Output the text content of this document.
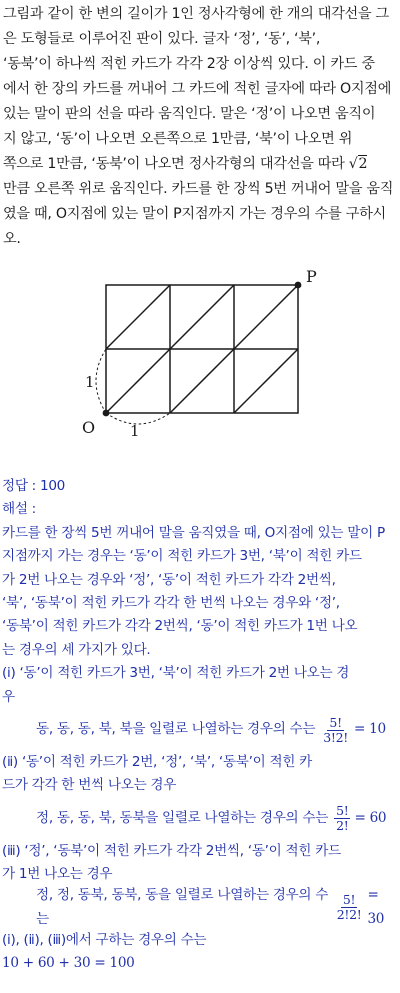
그림과 같이 한 변의 길이가 1인 정사각형에 한 개의 대각선을 그

은 도형들로 이루어진 판이 있다. 글자 ‘정’, ‘동’, ‘북’,

‘동북’이 하나씩 적힌 카드가 각각 2장 이상씩 있다. 이 카드 중

에서 한 장의 카드를 꺼내어 그 카드에 적힌 글자에 따라 O지점에

있는 말이 판의 선을 따라 움직인다. 말은 ‘정’이 나오면 움직이

지 않고, ‘동’이 나오면 오른쪽으로 1만큼, ‘북’이 나오면 위

쪽으로 1만큼, ‘동북’이 나오면 정사각형의 대각선을 따라 √2

만큼 오른쪽 위로 움직인다. 카드를 한 장씩 5번 꺼내어 말을 움직

였을 때, O지점에 있는 말이 P지점까지 가는 경우의 수를 구하시

오.

P
O
1
1

정답 : 100

해설 :

카드를 한 장씩 5번 꺼내어 말을 움직였을 때, O지점에 있는 말이 P

지점까지 가는 경우는 ‘동’이 적힌 카드가 3번, ‘북’이 적힌 카드

가 2번 나오는 경우와 ‘정’, ‘동’이 적힌 카드가 각각 2번씩,

‘북’, ‘동북’이 적힌 카드가 각각 한 번씩 나오는 경우와 ‘정’,

‘동북’이 적힌 카드가 각각 2번씩, ‘동’이 적힌 카드가 1번 나오

는 경우의 세 가지가 있다.

(ⅰ) ‘동’이 적힌 카드가 3번, ‘북’이 적힌 카드가 2번 나오는 경

우

동, 동, 동, 북, 북을 일렬로 나열하는 경우의 수는 $\frac{5!}{3!2!} = 10$

(ⅱ) ‘동’이 적힌 카드가 2번, ‘정’, ‘북’, ‘동북’이 적힌 카

드가 각각 한 번씩 나오는 경우

정, 동, 동, 북, 동북을 일렬로 나열하는 경우의 수는 $\frac{5!}{2!} = 60$

(ⅲ) ‘정’, ‘동북’이 적힌 카드가 각각 2번씩, ‘동’이 적힌 카드

가 1번 나오는 경우

정, 정, 동북, 동북, 동을 일렬로 나열하는 경우의 수는	$\frac{5!}{2!2!} = 30$

(ⅰ), (ⅱ), (ⅲ)에서 구하는 경우의 수는

10 + 60 + 30 = 100
